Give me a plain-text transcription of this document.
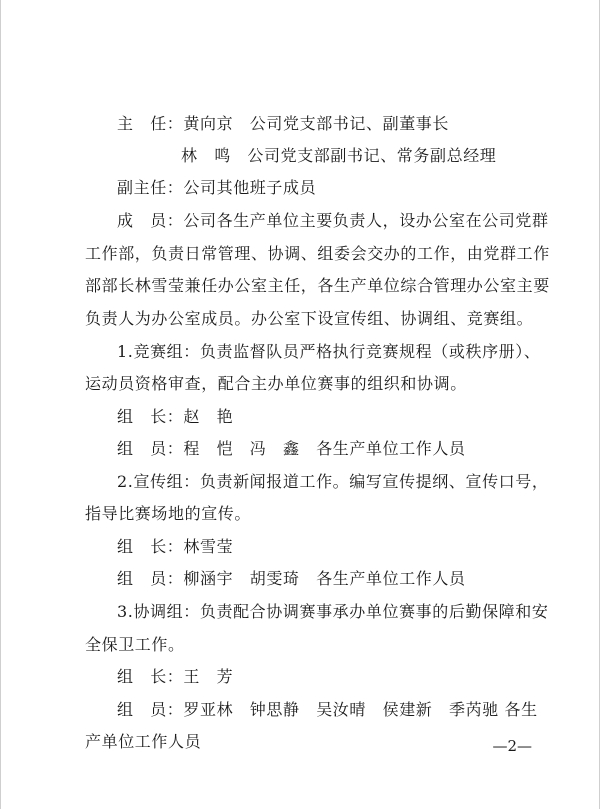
主　任：黄向京　公司党支部书记、副董事长
林　鸣　公司党支部副书记、常务副总经理
副主任：公司其他班子成员
成　员：公司各生产单位主要负责人，设办公室在公司党群
工作部，负责日常管理、协调、组委会交办的工作，由党群工作
部部长林雪莹兼任办公室主任，各生产单位综合管理办公室主要
负责人为办公室成员。办公室下设宣传组、协调组、竞赛组。
1.竞赛组：负责监督队员严格执行竞赛规程（或秩序册）、
运动员资格审查，配合主办单位赛事的组织和协调。
组　长：赵　艳
组　员：程　恺　冯　鑫　各生产单位工作人员
2.宣传组：负责新闻报道工作。编写宣传提纲、宣传口号，
指导比赛场地的宣传。
组　长：林雪莹
组　员：柳涵宇　胡雯琦　各生产单位工作人员
3.协调组：负责配合协调赛事承办单位赛事的后勤保障和安
全保卫工作。
组　长：王　芳
组　员：罗亚林　钟思静　吴汝晴　侯建新　季芮驰 各生
产单位工作人员	—2—
